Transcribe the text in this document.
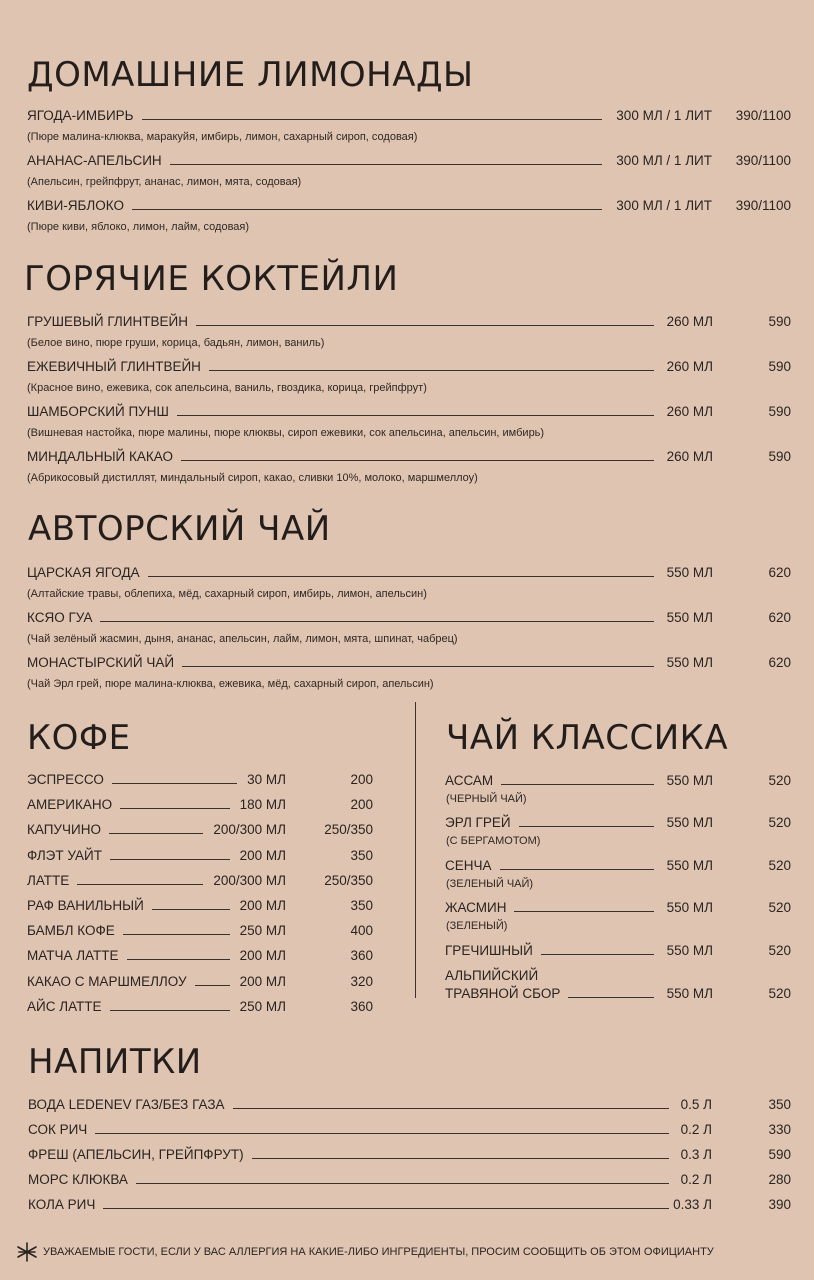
ДОМАШНИЕ ЛИМОНАДЫ
ГОРЯЧИЕ КОКТЕЙЛИ
АВТОРСКИЙ ЧАЙ
КОФЕ	ЧАЙ КЛАССИКА
НАПИТКИ
ЯГОДА-ИМБИРЬ	300 МЛ / 1 ЛИТ 390/1100
(Пюре малина-клюква, маракуйя, имбирь, лимон, сахарный сироп, содовая)
АНАНАС-АПЕЛЬСИН	300 МЛ / 1 ЛИТ 390/1100
(Апельсин, грейпфрут, ананас, лимон, мята, содовая)
КИВИ-ЯБЛОКО	300 МЛ / 1 ЛИТ 390/1100
(Пюре киви, яблоко, лимон, лайм, содовая)
ГРУШЕВЫЙ ГЛИНТВЕЙН	260 МЛ	590
(Белое вино, пюре груши, корица, бадьян, лимон, ваниль)
ЕЖЕВИЧНЫЙ ГЛИНТВЕЙН	260 МЛ	590
(Красное вино, ежевика, сок апельсина, ваниль, гвоздика, корица, грейпфрут)
ШАМБОРСКИЙ ПУНШ	260 МЛ	590
(Вишневая настойка, пюре малины, пюре клюквы, сироп ежевики, сок апельсина, апельсин, имбирь)
МИНДАЛЬНЫЙ КАКАО	260 МЛ	590
(Абрикосовый дистиллят, миндальный сироп, какао, сливки 10%, молоко, маршмеллоу)
ЦАРСКАЯ ЯГОДА	550 МЛ	620
(Алтайские травы, облепиха, мёд, сахарный сироп, имбирь, лимон, апельсин)
КСЯО ГУА	550 МЛ	620
(Чай зелёный жасмин, дыня, ананас, апельсин, лайм, лимон, мята, шпинат, чабрец)
МОНАСТЫРСКИЙ ЧАЙ	550 МЛ	620
(Чай Эрл грей, пюре малина-клюква, ежевика, мёд, сахарный сироп, апельсин)
ЭСПРЕССО	30 МЛ	200
АМЕРИКАНО	180 МЛ	200
КАПУЧИНО	200/300 МЛ	250/350
ФЛЭТ УАЙТ	200 МЛ	350
ЛАТТЕ	200/300 МЛ	250/350
РАФ ВАНИЛЬНЫЙ	200 МЛ	350
БАМБЛ КОФЕ	250 МЛ	400
МАТЧА ЛАТТЕ	200 МЛ	360
КАКАО С МАРШМЕЛЛОУ	200 МЛ	320
АЙС ЛАТТЕ	250 МЛ	360
АССАМ	550 МЛ	520
(ЧЕРНЫЙ ЧАЙ)
ЭРЛ ГРЕЙ	550 МЛ	520
(С БЕРГАМОТОМ)
СЕНЧА	550 МЛ	520
(ЗЕЛЕНЫЙ ЧАЙ)
ЖАСМИН	550 МЛ	520
(ЗЕЛЕНЫЙ)
ГРЕЧИШНЫЙ	550 МЛ	520
АЛЬПИЙСКИЙ
ТРАВЯНОЙ СБОР	550 МЛ	520
ВОДА LEDENEV ГАЗ/БЕЗ ГАЗА	0.5 Л	350
СОК РИЧ	0.2 Л	330
ФРЕШ (АПЕЛЬСИН, ГРЕЙПФРУТ)	0.3 Л	590
МОРС КЛЮКВА	0.2 Л	280
КОЛА РИЧ	0.33 Л	390
УВАЖАЕМЫЕ ГОСТИ, ЕСЛИ У ВАС АЛЛЕРГИЯ НА КАКИЕ-ЛИБО ИНГРЕДИЕНТЫ, ПРОСИМ СООБЩИТЬ ОБ ЭТОМ ОФИЦИАНТУ
